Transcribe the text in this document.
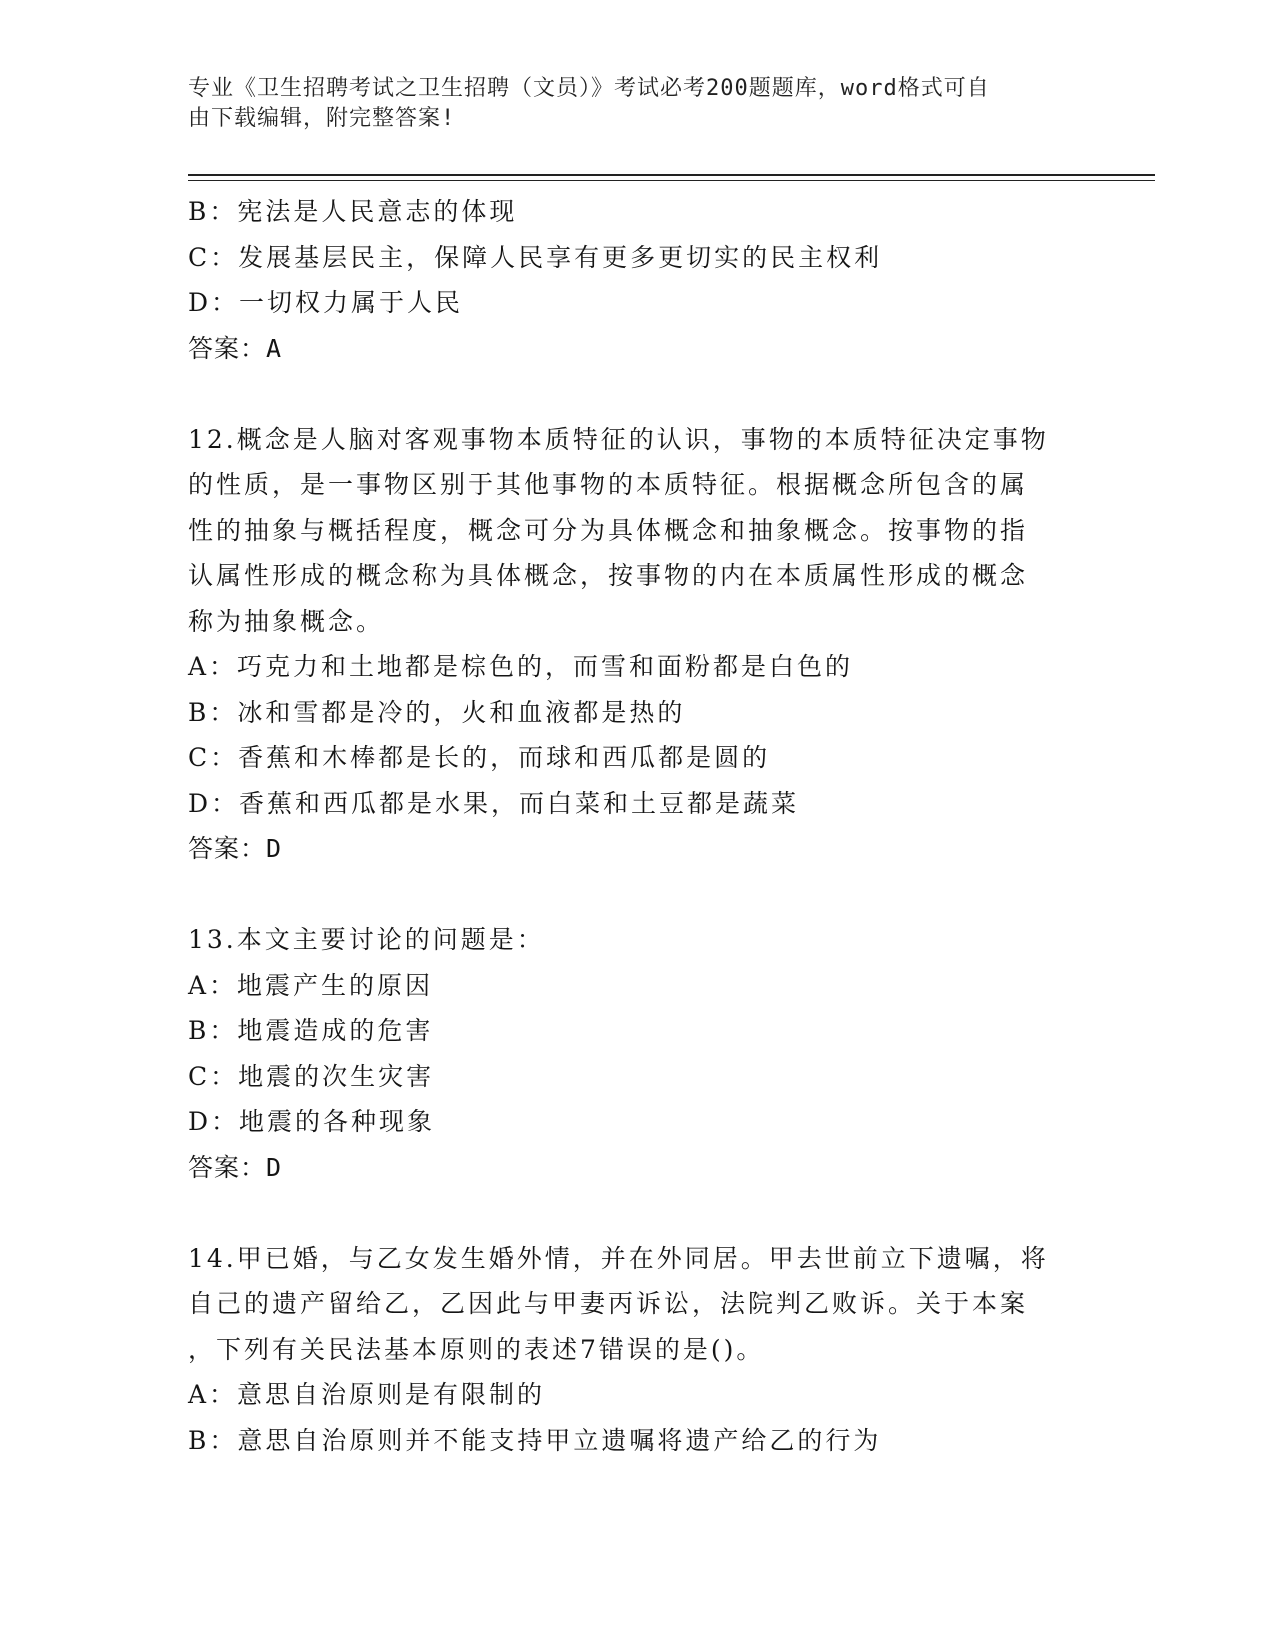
专业《卫生招聘考试之卫生招聘（文员）》考试必考200题题库，word格式可自
由下载编辑，附完整答案!
B：宪法是人民意志的体现
C：发展基层民主，保障人民享有更多更切实的民主权利
D：一切权力属于人民
答案：A
12.概念是人脑对客观事物本质特征的认识，事物的本质特征决定事物
的性质，是一事物区别于其他事物的本质特征。根据概念所包含的属
性的抽象与概括程度，概念可分为具体概念和抽象概念。按事物的指
认属性形成的概念称为具体概念，按事物的内在本质属性形成的概念
称为抽象概念。
A：巧克力和土地都是棕色的，而雪和面粉都是白色的
B：冰和雪都是冷的，火和血液都是热的
C：香蕉和木棒都是长的，而球和西瓜都是圆的
D：香蕉和西瓜都是水果，而白菜和土豆都是蔬菜
答案：D
13.本文主要讨论的问题是：
A：地震产生的原因
B：地震造成的危害
C：地震的次生灾害
D：地震的各种现象
答案：D
14.甲已婚，与乙女发生婚外情，并在外同居。甲去世前立下遗嘱，将
自己的遗产留给乙，乙因此与甲妻丙诉讼，法院判乙败诉。关于本案
，下列有关民法基本原则的表述7错误的是()。
A：意思自治原则是有限制的
B：意思自治原则并不能支持甲立遗嘱将遗产给乙的行为
